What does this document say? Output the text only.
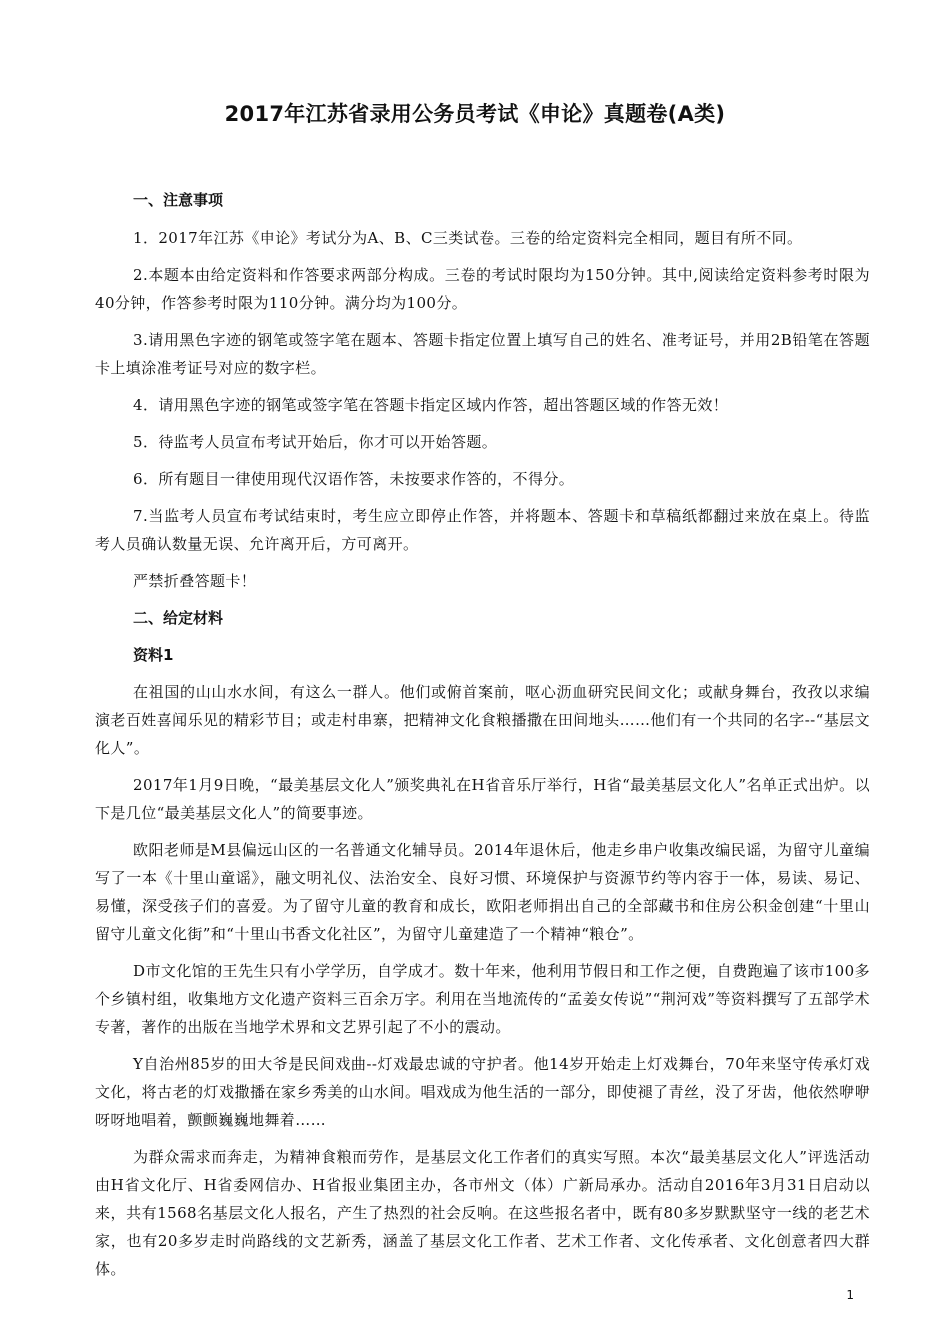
2017年江苏省录用公务员考试《申论》真题卷(A类)
一、注意事项

1．2017年江苏《申论》考试分为A、B、C三类试卷。三卷的给定资料完全相同，题目有所不同。

2.本题本由给定资料和作答要求两部分构成。三卷的考试时限均为150分钟。其中,阅读给定资料参考时限为40分钟，作答参考时限为110分钟。满分均为100分。

3.请用黑色字迹的钢笔或签字笔在题本、答题卡指定位置上填写自己的姓名、准考证号，并用2B铅笔在答题卡上填涂准考证号对应的数字栏。

4．请用黑色字迹的钢笔或签字笔在答题卡指定区域内作答，超出答题区域的作答无效！

5．待监考人员宣布考试开始后，你才可以开始答题。

6．所有题目一律使用现代汉语作答，未按要求作答的，不得分。

7.当监考人员宣布考试结束时，考生应立即停止作答，并将题本、答题卡和草稿纸都翻过来放在桌上。待监考人员确认数量无误、允许离开后，方可离开。

严禁折叠答题卡！

二、给定材料
资料1

在祖国的山山水水间，有这么一群人。他们或俯首案前，呕心沥血研究民间文化；或献身舞台，孜孜以求编演老百姓喜闻乐见的精彩节目；或走村串寨，把精神文化食粮播撒在田间地头……他们有一个共同的名字--“基层文化人”。

2017年1月9日晚，“最美基层文化人”颁奖典礼在H省音乐厅举行，H省“最美基层文化人”名单正式出炉。以下是几位“最美基层文化人”的简要事迹。

欧阳老师是M县偏远山区的一名普通文化辅导员。2014年退休后，他走乡串户收集改编民谣，为留守儿童编写了一本《十里山童谣》，融文明礼仪、法治安全、良好习惯、环境保护与资源节约等内容于一体，易读、易记、易懂，深受孩子们的喜爱。为了留守儿童的教育和成长，欧阳老师捐出自己的全部藏书和住房公积金创建“十里山留守儿童文化街”和“十里山书香文化社区”，为留守儿童建造了一个精神“粮仓”。

D市文化馆的王先生只有小学学历，自学成才。数十年来，他利用节假日和工作之便，自费跑遍了该市100多个乡镇村组，收集地方文化遗产资料三百余万字。利用在当地流传的“孟姜女传说”“荆河戏”等资料撰写了五部学术专著，著作的出版在当地学术界和文艺界引起了不小的震动。

Y自治州85岁的田大爷是民间戏曲--灯戏最忠诚的守护者。他14岁开始走上灯戏舞台，70年来坚守传承灯戏文化，将古老的灯戏撒播在家乡秀美的山水间。唱戏成为他生活的一部分，即使褪了青丝，没了牙齿，他依然咿咿呀呀地唱着，颤颤巍巍地舞着……

为群众需求而奔走，为精神食粮而劳作，是基层文化工作者们的真实写照。本次“最美基层文化人”评选活动由H省文化厅、H省委网信办、H省报业集团主办，各市州文（体）广新局承办。活动自2016年3月31日启动以来，共有1568名基层文化人报名，产生了热烈的社会反响。在这些报名者中，既有80多岁默默坚守一线的老艺术家，也有20多岁走时尚路线的文艺新秀，涵盖了基层文化工作者、艺术工作者、文化传承者、文化创意者四大群体。

1
